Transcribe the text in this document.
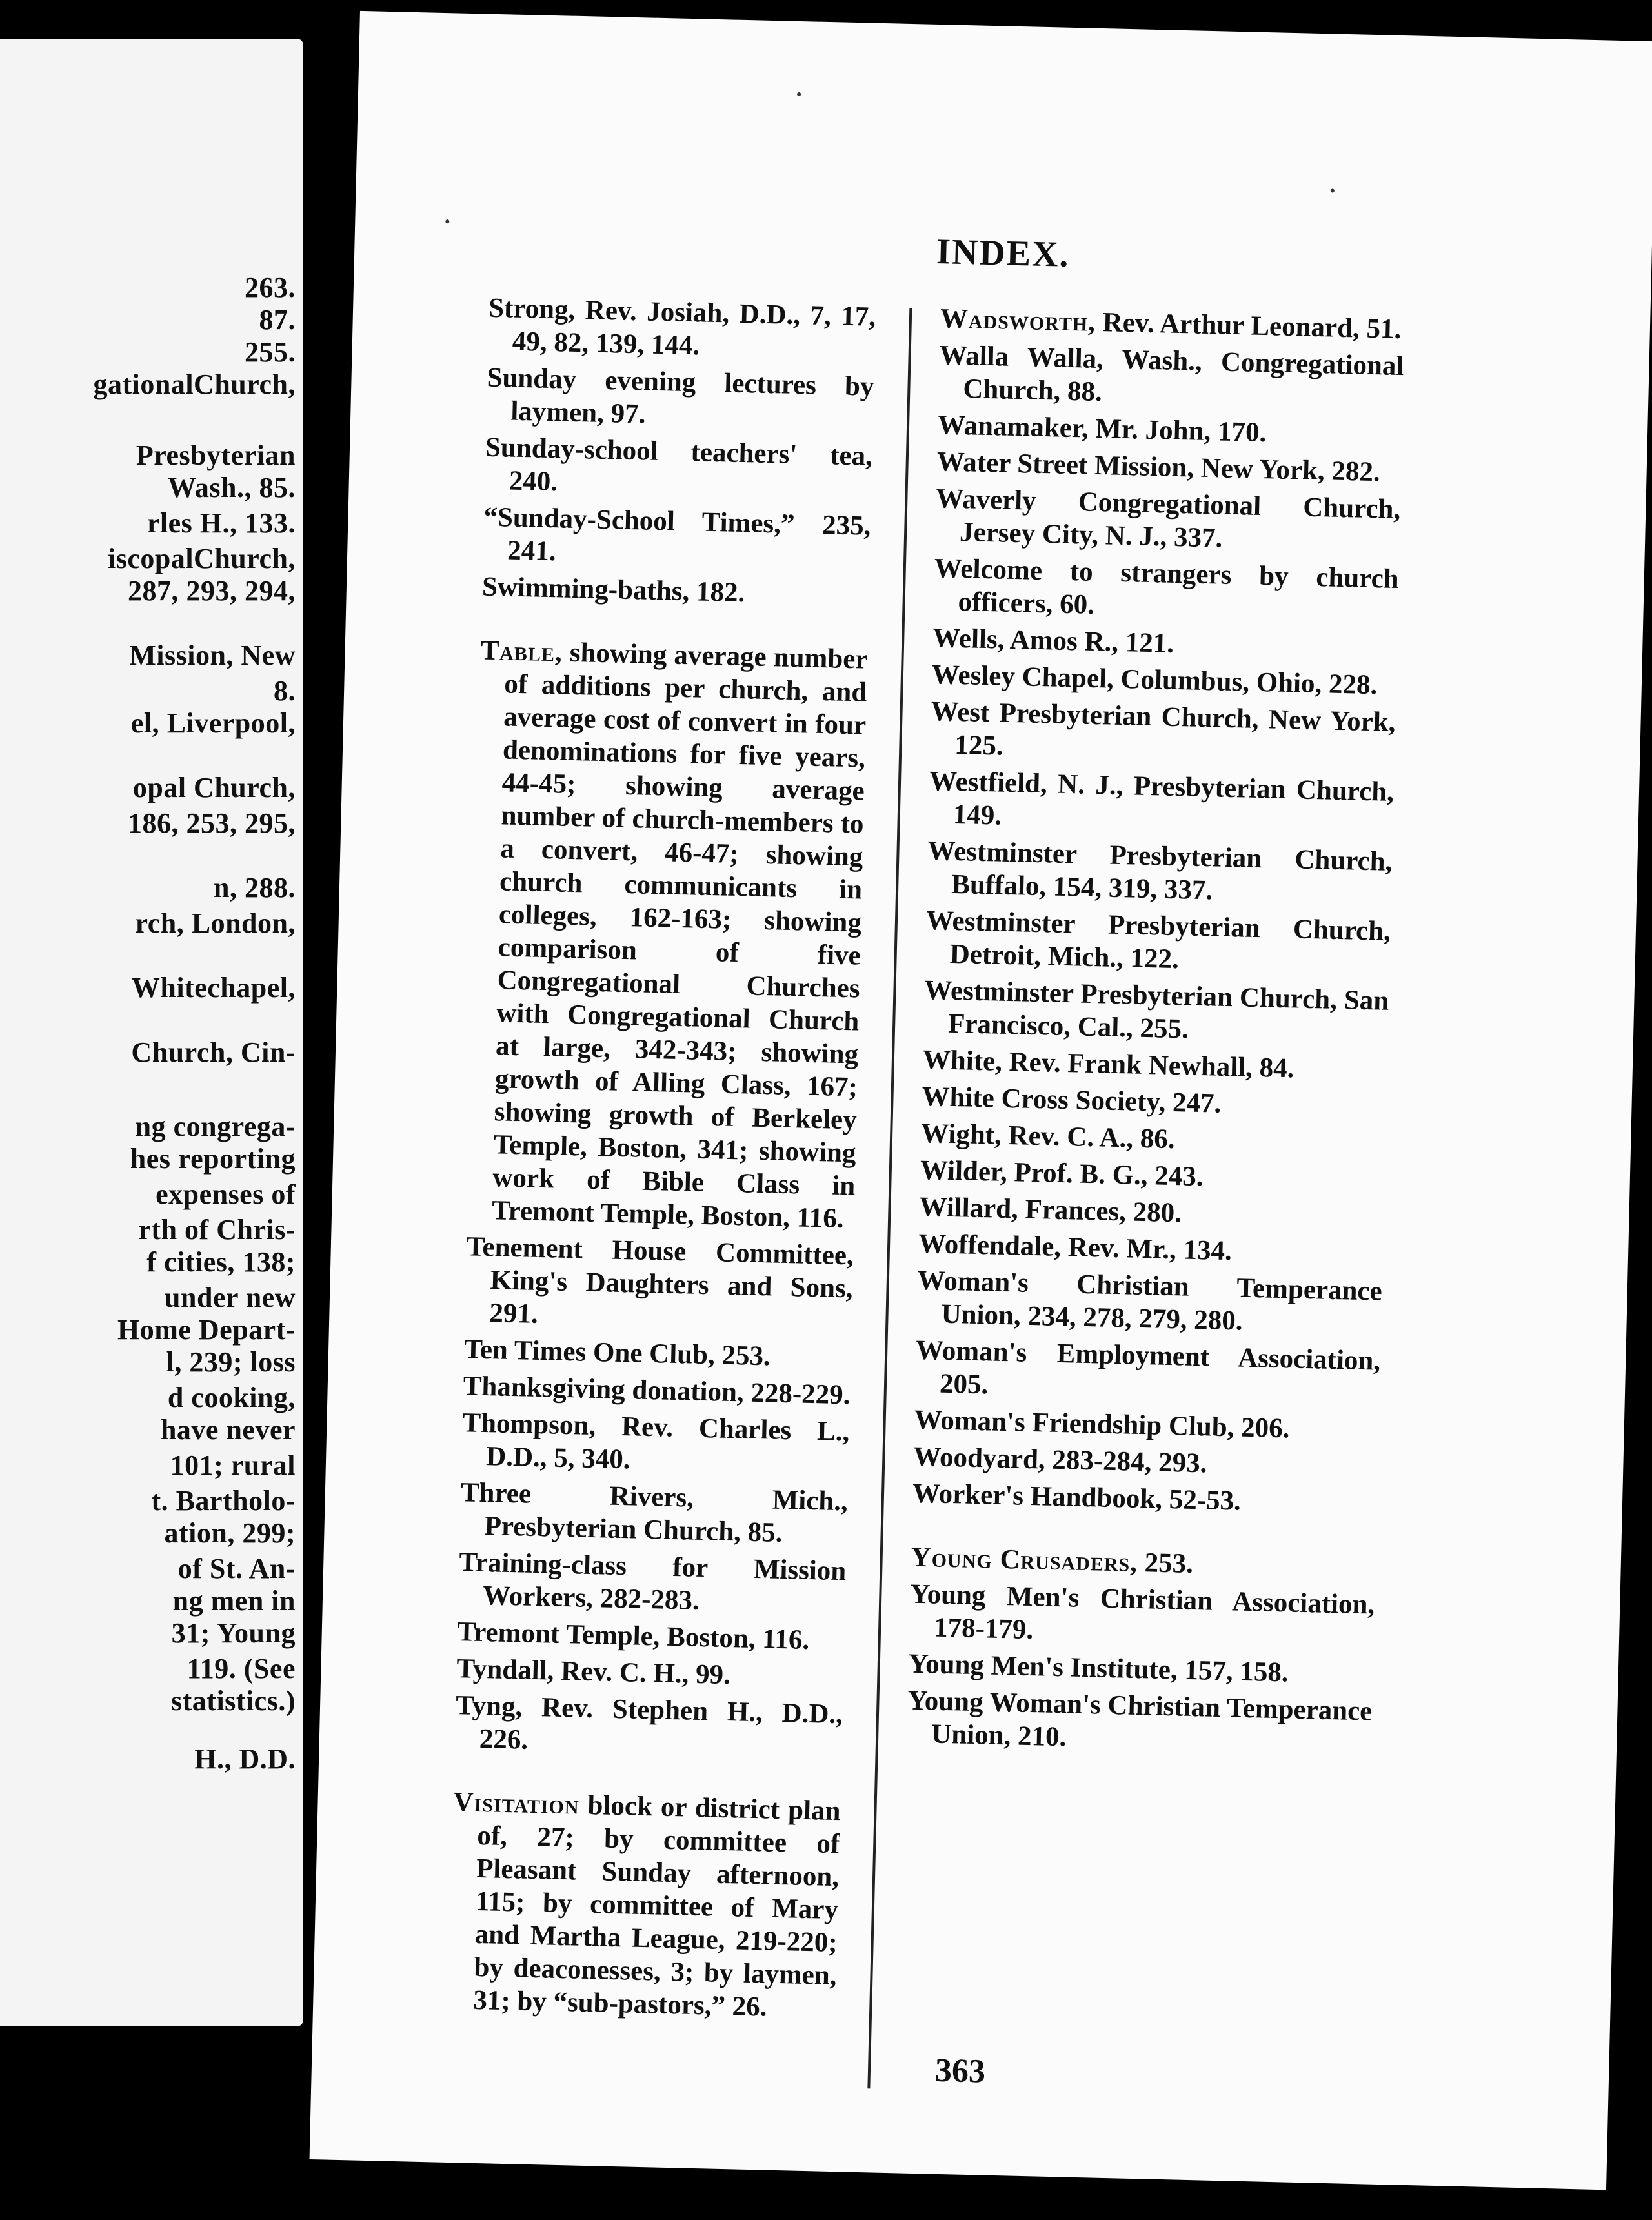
263.
87.
255.
gationalChurch,
Presbyterian
Wash., 85.
rles H., 133.
iscopalChurch,
287, 293, 294,
Mission, New
8.
el, Liverpool,
opal Church,
186, 253, 295,
n, 288.
rch, London,
Whitechapel,
Church, Cin-
ng congrega-
hes reporting
expenses of
rth of Chris-
f cities, 138;
under new
Home Depart-
l, 239; loss
d cooking,
have never
101; rural
t. Bartholo-
ation, 299;
of St. An-
ng men in
31; Young
119. (See
statistics.)
H., D.D.
INDEX.
Strong, Rev. Josiah, D.D., 7, 17, 49, 82, 139, 144.
Sunday evening lectures by laymen, 97.
Sunday-school teachers' tea, 240.
“Sunday-School Times,” 235, 241.
Swimming-baths, 182.
Table, showing average number of additions per church, and average cost of convert in four denominations for five years, 44-45; showing average number of church-members to a convert, 46-47; showing church communicants in colleges, 162-163; showing comparison of five Congregational Churches with Congregational Church at large, 342-343; showing growth of Alling Class, 167; showing growth of Berkeley Temple, Boston, 341; showing work of Bible Class in Tremont Temple, Boston, 116.
Tenement House Committee, King's Daughters and Sons, 291.
Ten Times One Club, 253.
Thanksgiving donation, 228-229.
Thompson, Rev. Charles L., D.D., 5, 340.
Three Rivers, Mich., Presbyterian Church, 85.
Training-class for Mission Workers, 282-283.
Tremont Temple, Boston, 116.
Tyndall, Rev. C. H., 99.
Tyng, Rev. Stephen H., D.D., 226.
Visitation block or district plan of, 27; by committee of Pleasant Sunday afternoon, 115; by committee of Mary and Martha League, 219-220; by deaconesses, 3; by laymen, 31; by “sub-pastors,” 26.
Wadsworth, Rev. Arthur Leonard, 51.
Walla Walla, Wash., Congregational Church, 88.
Wanamaker, Mr. John, 170.
Water Street Mission, New York, 282.
Waverly Congregational Church, Jersey City, N. J., 337.
Welcome to strangers by church officers, 60.
Wells, Amos R., 121.
Wesley Chapel, Columbus, Ohio, 228.
West Presbyterian Church, New York, 125.
Westfield, N. J., Presbyterian Church, 149.
Westminster Presbyterian Church, Buffalo, 154, 319, 337.
Westminster Presbyterian Church, Detroit, Mich., 122.
Westminster Presbyterian Church, San Francisco, Cal., 255.
White, Rev. Frank Newhall, 84.
White Cross Society, 247.
Wight, Rev. C. A., 86.
Wilder, Prof. B. G., 243.
Willard, Frances, 280.
Woffendale, Rev. Mr., 134.
Woman's Christian Temperance Union, 234, 278, 279, 280.
Woman's Employment Association, 205.
Woman's Friendship Club, 206.
Woodyard, 283-284, 293.
Worker's Handbook, 52-53.
Young Crusaders, 253.
Young Men's Christian Association, 178-179.
Young Men's Institute, 157, 158.
Young Woman's Christian Temperance Union, 210.
363
